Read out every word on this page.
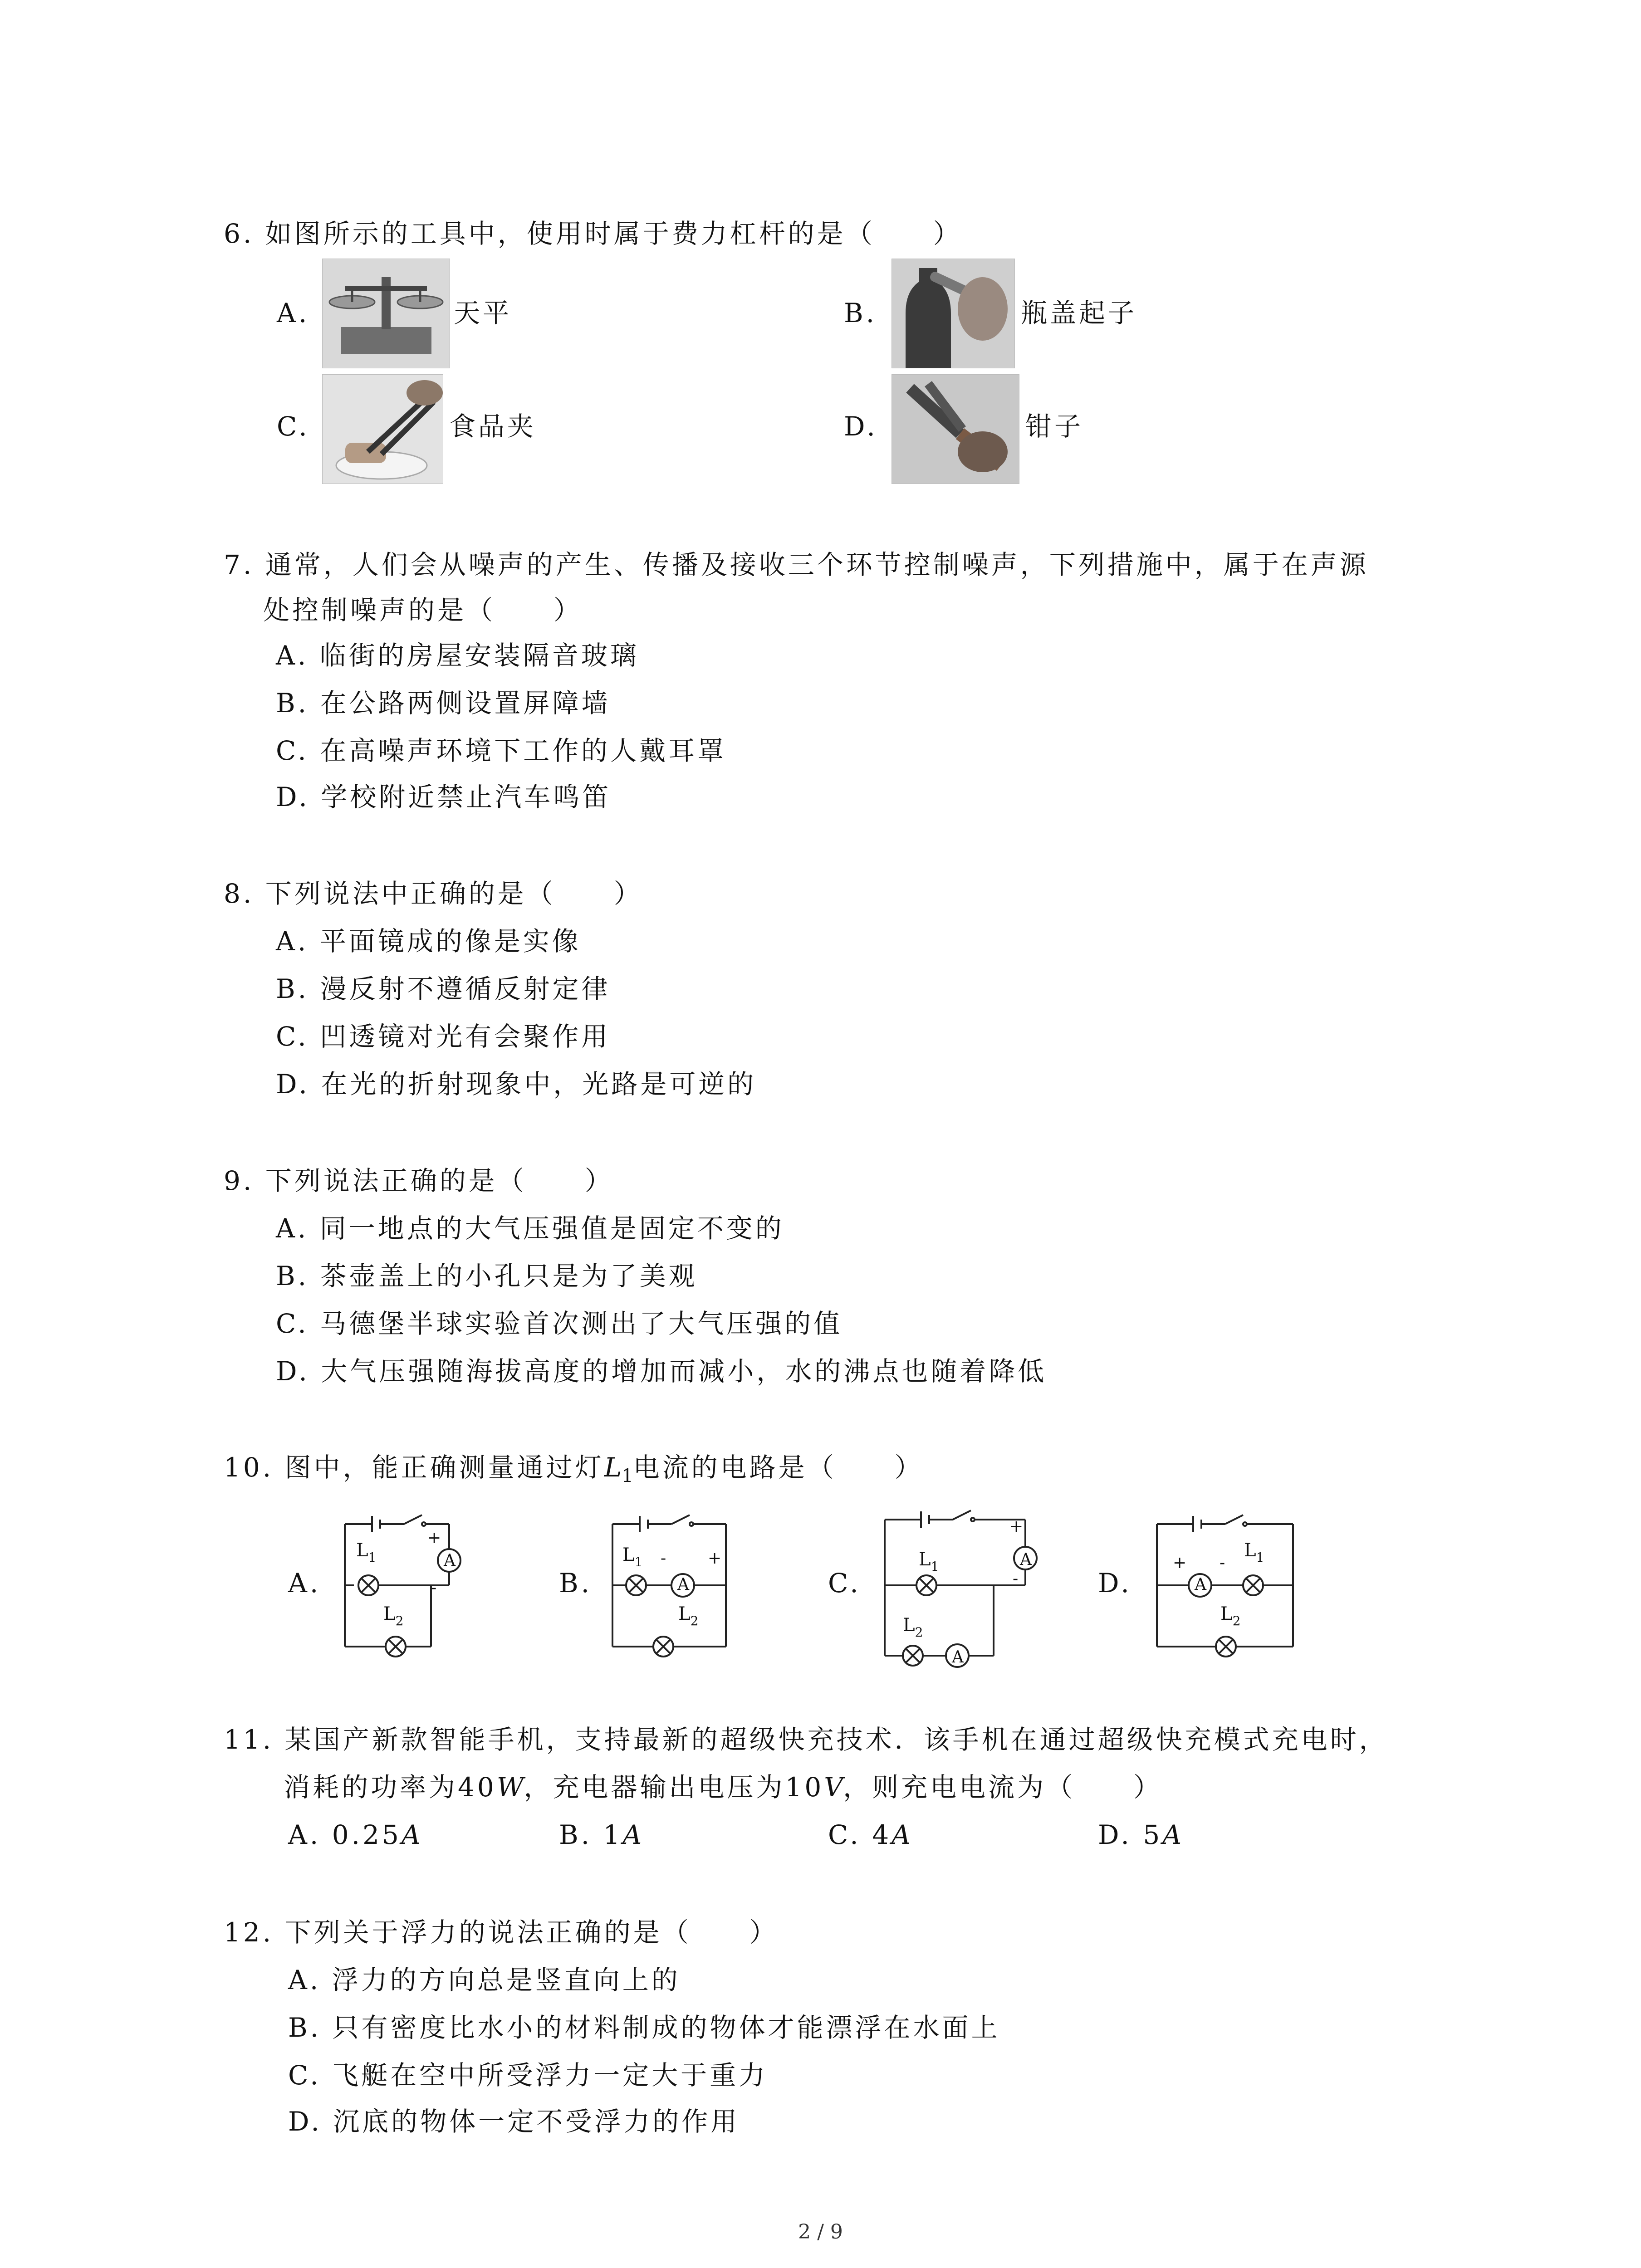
6. 如图所示的工具中，使用时属于费力杠杆的是（　　）
A.	天平	B.	瓶盖起子
C.	食品夹	D.	钳子
7. 通常，人们会从噪声的产生、传播及接收三个环节控制噪声，下列措施中，属于在声源
处控制噪声的是（　　）
A. 临街的房屋安装隔音玻璃
B. 在公路两侧设置屏障墙
C. 在高噪声环境下工作的人戴耳罩
D. 学校附近禁止汽车鸣笛
8. 下列说法中正确的是（　　）
A. 平面镜成的像是实像
B. 漫反射不遵循反射定律
C. 凹透镜对光有会聚作用
D. 在光的折射现象中，光路是可逆的
9. 下列说法正确的是（　　）
A. 同一地点的大气压强值是固定不变的
B. 茶壶盖上的小孔只是为了美观
C. 马德堡半球实验首次测出了大气压强的值
D. 大气压强随海拔高度的增加而减小，水的沸点也随着降低
10. 图中，能正确测量通过灯$L_1$电流的电路是（　　）
A.	B.	C.	D.
$L_1$
$L_2$
A
+
-
$L_1$
$L_2$
A
+
-	$L_1$
$L_2$
A
A
+
-
$L_1$
$L_2$
A
+ -
11. 某国产新款智能手机，支持最新的超级快充技术．该手机在通过超级快充模式充电时，
消耗的功率为40W，充电器输出电压为10V，则充电电流为（　　）
A. 0.25A	B. 1A	C. 4A	D. 5A
12. 下列关于浮力的说法正确的是（　　）
A. 浮力的方向总是竖直向上的
B. 只有密度比水小的材料制成的物体才能漂浮在水面上
C. 飞艇在空中所受浮力一定大于重力
D. 沉底的物体一定不受浮力的作用
2 / 9
